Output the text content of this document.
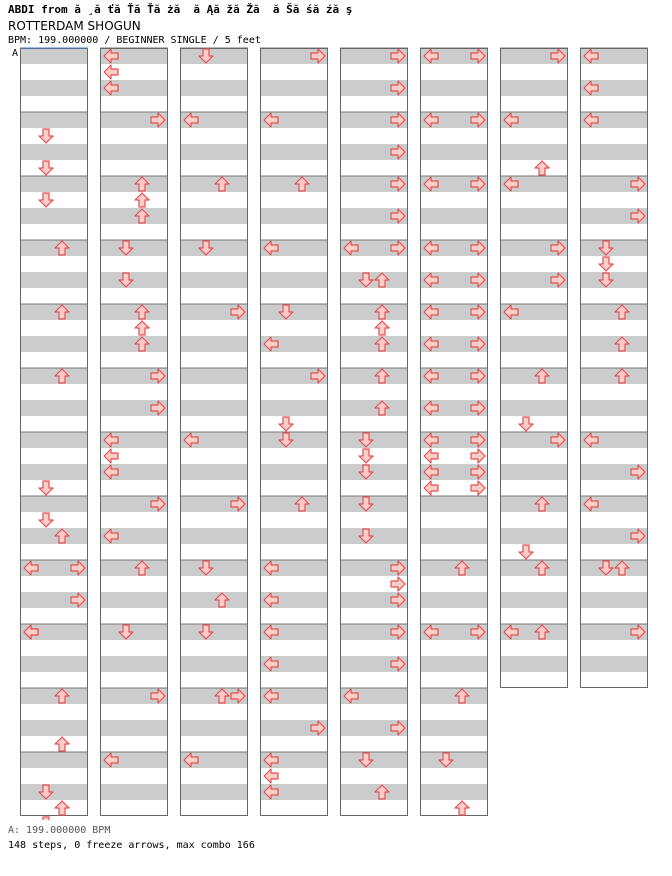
ABDI from ă ¸ă ťă Ťă Ťă żă  ă Ąă žă Žă  ă Šă śă źă ş
ROTTERDAM SHOGUN
BPM: 199.000000 / BEGINNER SINGLE / 5 feet
A
A: 199.000000 BPM
148 steps, 0 freeze arrows, max combo 166
